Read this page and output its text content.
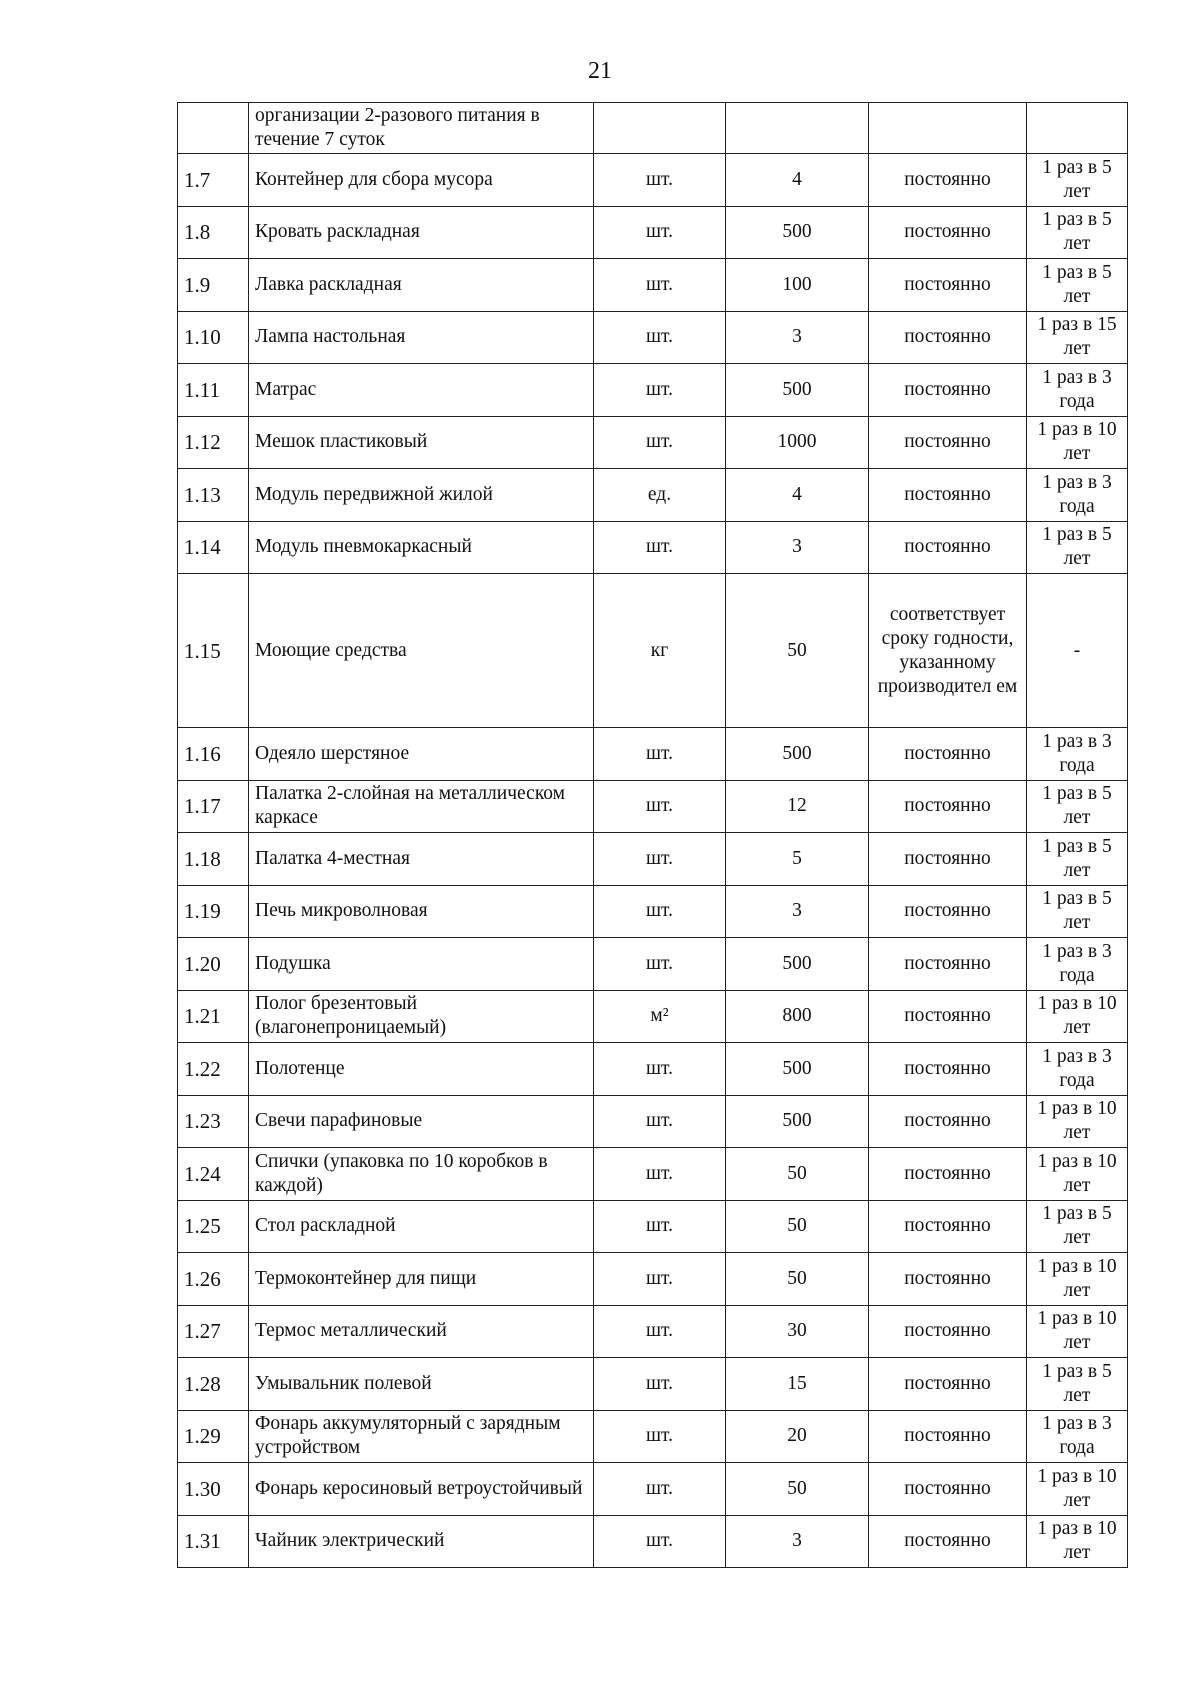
21
	организации 2-разового питания в течение 7 суток				
1.7	Контейнер для сбора мусора	шт.	4	постоянно	1 раз в 5 лет
1.8	Кровать раскладная	шт.	500	постоянно	1 раз в 5 лет
1.9	Лавка раскладная	шт.	100	постоянно	1 раз в 5 лет
1.10	Лампа настольная	шт.	3	постоянно	1 раз в 15 лет
1.11	Матрас	шт.	500	постоянно	1 раз в 3 года
1.12	Мешок пластиковый	шт.	1000	постоянно	1 раз в 10 лет
1.13	Модуль передвижной жилой	ед.	4	постоянно	1 раз в 3 года
1.14	Модуль пневмокаркасный	шт.	3	постоянно	1 раз в 5 лет
1.15	Моющие средства	кг	50	соответствует сроку годности, указанному производител ем	-
1.16	Одеяло шерстяное	шт.	500	постоянно	1 раз в 3 года
1.17	Палатка 2-слойная на металлическом каркасе	шт.	12	постоянно	1 раз в 5 лет
1.18	Палатка 4-местная	шт.	5	постоянно	1 раз в 5 лет
1.19	Печь микроволновая	шт.	3	постоянно	1 раз в 5 лет
1.20	Подушка	шт.	500	постоянно	1 раз в 3 года
1.21	Полог брезентовый (влагонепроницаемый)	м²	800	постоянно	1 раз в 10 лет
1.22	Полотенце	шт.	500	постоянно	1 раз в 3 года
1.23	Свечи парафиновые	шт.	500	постоянно	1 раз в 10 лет
1.24	Спички (упаковка по 10 коробков в каждой)	шт.	50	постоянно	1 раз в 10 лет
1.25	Стол раскладной	шт.	50	постоянно	1 раз в 5 лет
1.26	Термоконтейнер для пищи	шт.	50	постоянно	1 раз в 10 лет
1.27	Термос металлический	шт.	30	постоянно	1 раз в 10 лет
1.28	Умывальник полевой	шт.	15	постоянно	1 раз в 5 лет
1.29	Фонарь аккумуляторный с зарядным устройством	шт.	20	постоянно	1 раз в 3 года
1.30	Фонарь керосиновый ветроустойчивый	шт.	50	постоянно	1 раз в 10 лет
1.31	Чайник электрический	шт.	3	постоянно	1 раз в 10 лет
